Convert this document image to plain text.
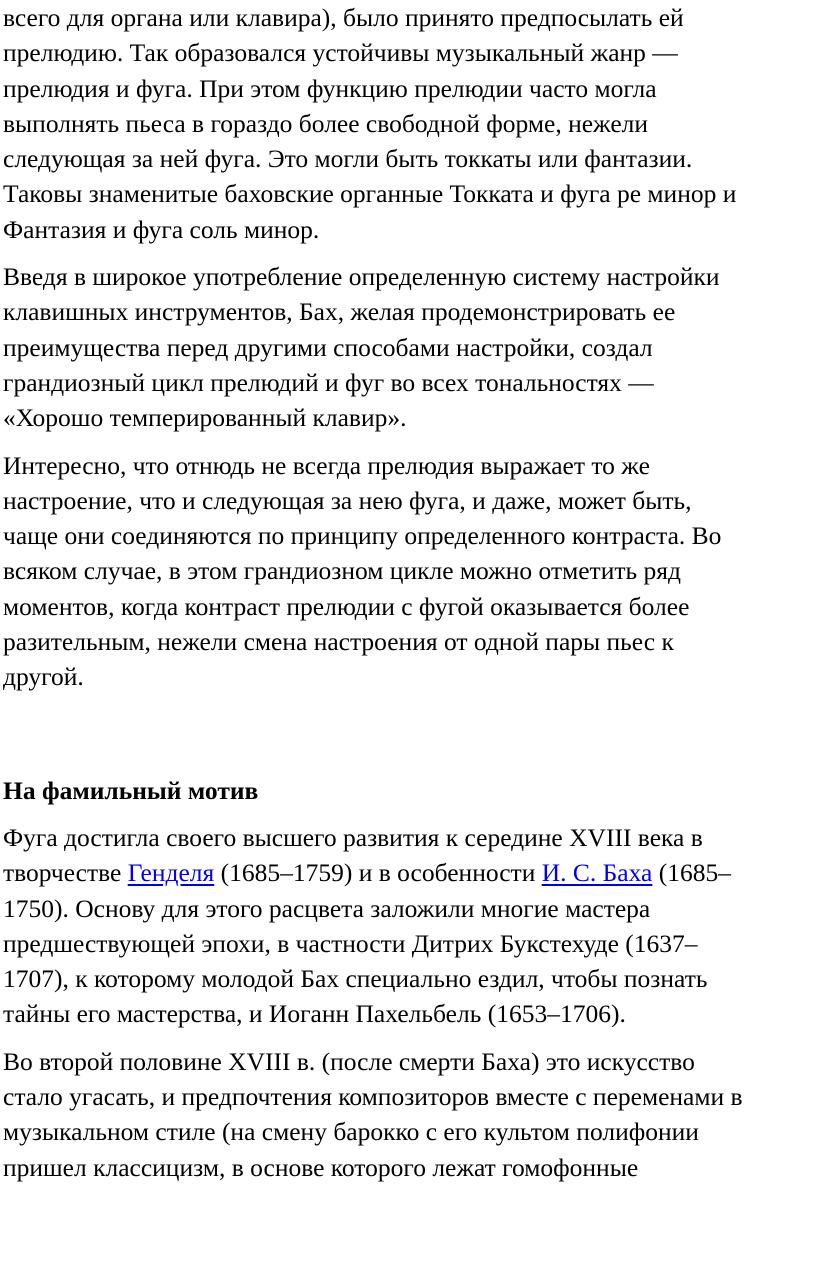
всего для органа или клавира), было принято предпосылать ей
прелюдию. Так образовался устойчивы музыкальный жанр —
прелюдия и фуга. При этом функцию прелюдии часто могла
выполнять пьеса в гораздо более свободной форме, нежели
следующая за ней фуга. Это могли быть токкаты или фантазии.
Таковы знаменитые баховские органные Токката и фуга ре минор и
Фантазия и фуга соль минор.

Введя в широкое употребление определенную систему настройки
клавишных инструментов, Бах, желая продемонстрировать ее
преимущества перед другими способами настройки, создал
грандиозный цикл прелюдий и фуг во всех тональностях —
«Хорошо темперированный клавир».

Интересно, что отнюдь не всегда прелюдия выражает то же
настроение, что и следующая за нею фуга, и даже, может быть,
чаще они соединяются по принципу определенного контраста. Во
всяком случае, в этом грандиозном цикле можно отметить ряд
моментов, когда контраст прелюдии с фугой оказывается более
разительным, нежели смена настроения от одной пары пьес к
другой.

На фамильный мотив

Фуга достигла своего высшего развития к середине XVIII века в
творчестве Генделя (1685–1759) и в особенности И. С. Баха (1685–
1750). Основу для этого расцвета заложили многие мастера
предшествующей эпохи, в частности Дитрих Букстехуде (1637–
1707), к которому молодой Бах специально ездил, чтобы познать
тайны его мастерства, и Иоганн Пахельбель (1653–1706).

Во второй половине XVIII в. (после смерти Баха) это искусство
стало угасать, и предпочтения композиторов вместе с переменами в
музыкальном стиле (на смену барокко с его культом полифонии
пришел классицизм, в основе которого лежат гомофонные
